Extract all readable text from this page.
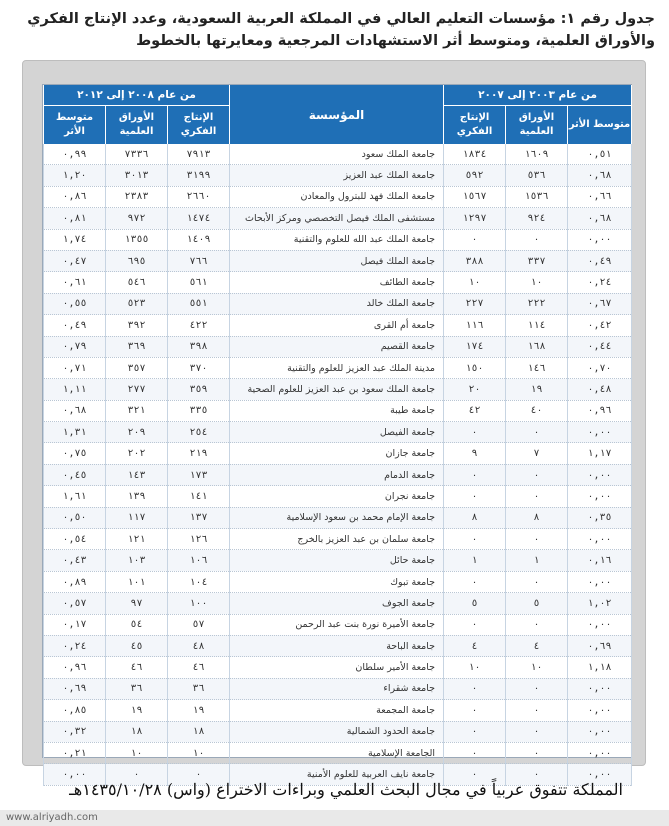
جدول رقم ١: مؤسسات التعليم العالي في المملكة العربية السعودية، وعدد الإنتاج الفكري والأوراق العلمية، ومتوسط أثر الاستشهادات المرجعية ومعايرتها بالخطوط
من عام ٢٠٠٨ إلى ٢٠١٢			المؤسسة	من عام ٢٠٠٣ إلى ٢٠٠٧		
متوسط الأثر	الأوراق العلمية	الإنتاج الفكري		الإنتاج الفكري	الأوراق العلمية	متوسط الأثر
٠,٩٩	٧٣٣٦	٧٩١٣	جامعة الملك سعود	١٨٣٤	١٦٠٩	٠,٥١
١,٢٠	٣٠١٣	٣١٩٩	جامعة الملك عبد العزيز	٥٩٢	٥٣٦	٠,٦٨
٠,٨٦	٢٣٨٣	٢٦٦٠	جامعة الملك فهد للبترول والمعادن	١٥٦٧	١٥٣٦	٠,٦٦
٠,٨١	٩٧٢	١٤٧٤	مستشفى الملك فيصل التخصصي ومركز الأبحاث	١٢٩٧	٩٢٤	٠,٦٨
١,٧٤	١٣٥٥	١٤٠٩	جامعة الملك عبد الله للعلوم والتقنية	٠	٠	٠,٠٠
٠,٤٧	٦٩٥	٧٦٦	جامعة الملك فيصل	٣٨٨	٣٣٧	٠,٤٩
٠,٦١	٥٤٦	٥٦١	جامعة الطائف	١٠	١٠	٠,٢٤
٠,٥٥	٥٢٣	٥٥١	جامعة الملك خالد	٢٢٧	٢٢٢	٠,٦٧
٠,٤٩	٣٩٢	٤٢٢	جامعة أم القرى	١١٦	١١٤	٠,٤٢
٠,٧٩	٣٦٩	٣٩٨	جامعة القصيم	١٧٤	١٦٨	٠,٤٤
٠,٧١	٣٥٧	٣٧٠	مدينة الملك عبد العزيز للعلوم والتقنية	١٥٠	١٤٦	٠,٧٠
١,١١	٢٧٧	٣٥٩	جامعة الملك سعود بن عبد العزيز للعلوم الصحية	٢٠	١٩	٠,٤٨
٠,٦٨	٣٢١	٣٣٥	جامعة طيبة	٤٢	٤٠	٠,٩٦
١,٣١	٢٠٩	٢٥٤	جامعة الفيصل	٠	٠	٠,٠٠
٠,٧٥	٢٠٢	٢١٩	جامعة جازان	٩	٧	١,١٧
٠,٤٥	١٤٣	١٧٣	جامعة الدمام	٠	٠	٠,٠٠
١,٦١	١٣٩	١٤١	جامعة نجران	٠	٠	٠,٠٠
٠,٥٠	١١٧	١٣٧	جامعة الإمام محمد بن سعود الإسلامية	٨	٨	٠,٣٥
٠,٥٤	١٢١	١٢٦	جامعة سلمان بن عبد العزيز بالخرج	٠	٠	٠,٠٠
٠,٤٣	١٠٣	١٠٦	جامعة حائل	١	١	٠,١٦
٠,٨٩	١٠١	١٠٤	جامعة تبوك	٠	٠	٠,٠٠
٠,٥٧	٩٧	١٠٠	جامعة الجوف	٥	٥	١,٠٢
٠,١٧	٥٤	٥٧	جامعة الأميرة نورة بنت عبد الرحمن	٠	٠	٠,٠٠
٠,٢٤	٤٥	٤٨	جامعة الباحة	٤	٤	٠,٦٩
٠,٩٦	٤٦	٤٦	جامعة الأمير سلطان	١٠	١٠	١,١٨
٠,٦٩	٣٦	٣٦	جامعة شقراء	٠	٠	٠,٠٠
٠,٨٥	١٩	١٩	جامعة المجمعة	٠	٠	٠,٠٠
٠,٣٢	١٨	١٨	جامعة الحدود الشمالية	٠	٠	٠,٠٠
٠,٢١	١٠	١٠	الجامعة الإسلامية	٠	٠	٠,٠٠
٠,٠٠	٠	٠	جامعة نايف العربية للعلوم الأمنية	٠	٠	٠,٠٠
المملكة تتفوق عربياً في مجال البحث العلمي وبراءات الاختراع (واس) ١٤٣٥/١٠/٢٨هـ
www.alriyadh.com
